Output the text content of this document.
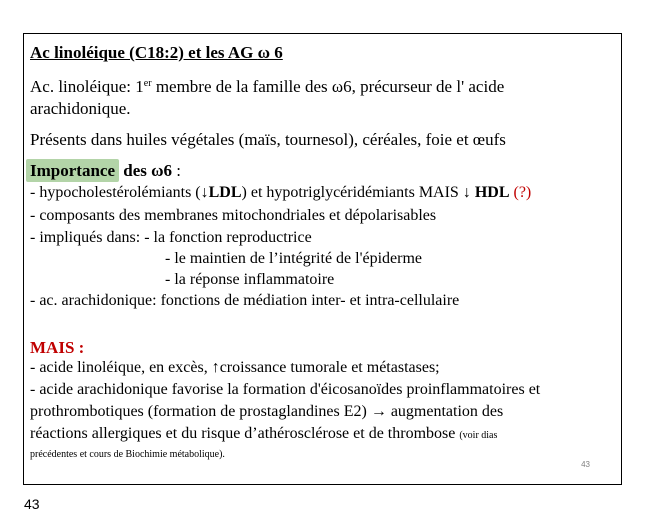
Ac linoléique (C18:2) et les AG ω 6
Ac. linoléique: 1er membre de la famille des ω6, précurseur de l' acide
arachidonique.
Présents dans huiles végétales (maïs, tournesol), céréales, foie et œufs
Importance des ω6 :
- hypocholestérolémiants (↓LDL) et hypotriglycéridémiants MAIS ↓ HDL (?)
- composants des membranes mitochondriales et dépolarisables
- impliqués dans: - la fonction reproductrice
- le maintien de l’intégrité de l'épiderme
- la réponse inflammatoire
- ac. arachidonique: fonctions de médiation inter- et intra-cellulaire
MAIS :
- acide linoléique, en excès, ↑croissance tumorale et métastases;
- acide arachidonique favorise la formation d'éicosanoïdes proinflammatoires et
prothrombotiques (formation de prostaglandines E2) → augmentation des
réactions allergiques et du risque d’athérosclérose et de thrombose (voir dias
précédentes et cours de Biochimie métabolique).
43
43
